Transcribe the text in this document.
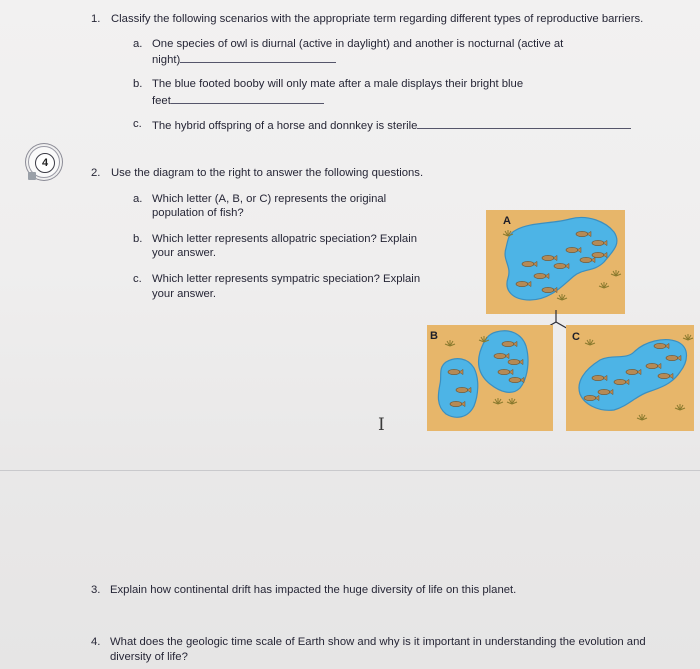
1. Classify the following scenarios with the appropriate term regarding different types of reproductive barriers.
a. One species of owl is diurnal (active in daylight) and another is nocturnal (active at
night)
b. The blue footed booby will only mate after a male displays their bright blue
feet
c. The hybrid offspring of a horse and donnkey is sterile
4
2. Use the diagram to the right to answer the following questions.
a. Which letter (A, B, or C) represents the original
population of fish?
b. Which letter represents allopatric speciation? Explain
your answer.
c. Which letter represents sympatric speciation? Explain
your answer.
A
B	C
I
3. Explain how continental drift has impacted the huge diversity of life on this planet.
4. What does the geologic time scale of Earth show and why is it important in understanding the evolution and
diversity of life?
